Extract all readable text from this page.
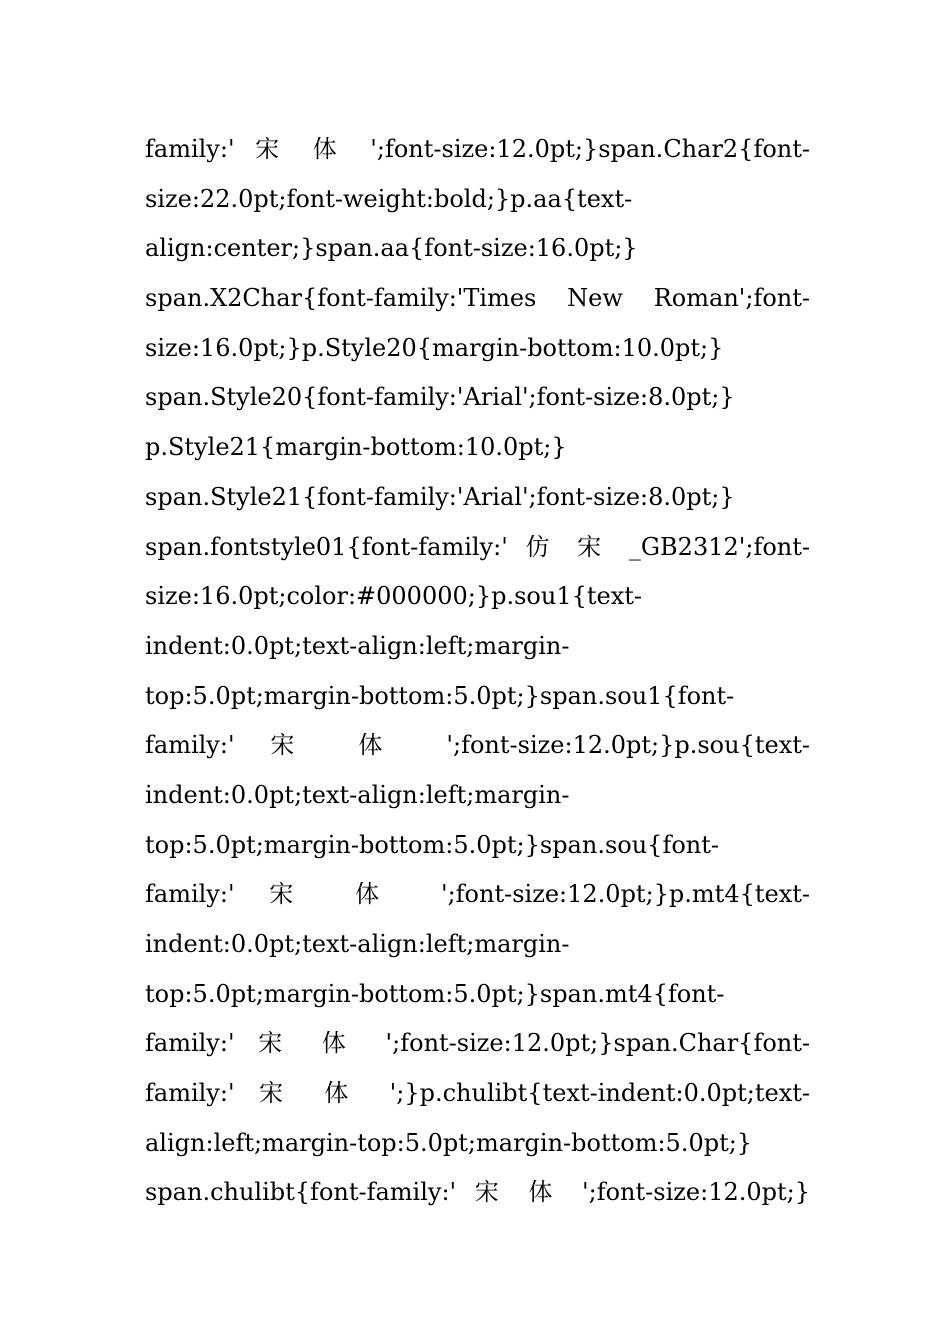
family:' 宋 体 ';font-size:12.0pt;}span.Char2{font-
size:22.0pt;font-weight:bold;}p.aa{text-
align:center;}span.aa{font-size:16.0pt;}
span.X2Char{font-family:'Times New Roman';font-
size:16.0pt;}p.Style20{margin-bottom:10.0pt;}
span.Style20{font-family:'Arial';font-size:8.0pt;}
p.Style21{margin-bottom:10.0pt;}
span.Style21{font-family:'Arial';font-size:8.0pt;}
span.fontstyle01{font-family:' 仿 宋 _GB2312';font-
size:16.0pt;color:#000000;}p.sou1{text-
indent:0.0pt;text-align:left;margin-
top:5.0pt;margin-bottom:5.0pt;}span.sou1{font-
family:' 宋 体 ';font-size:12.0pt;}p.sou{text-
indent:0.0pt;text-align:left;margin-
top:5.0pt;margin-bottom:5.0pt;}span.sou{font-
family:' 宋 体 ';font-size:12.0pt;}p.mt4{text-
indent:0.0pt;text-align:left;margin-
top:5.0pt;margin-bottom:5.0pt;}span.mt4{font-
family:' 宋 体 ';font-size:12.0pt;}span.Char{font-
family:' 宋 体 ';}p.chulibt{text-indent:0.0pt;text-
align:left;margin-top:5.0pt;margin-bottom:5.0pt;}
span.chulibt{font-family:' 宋 体 ';font-size:12.0pt;}
